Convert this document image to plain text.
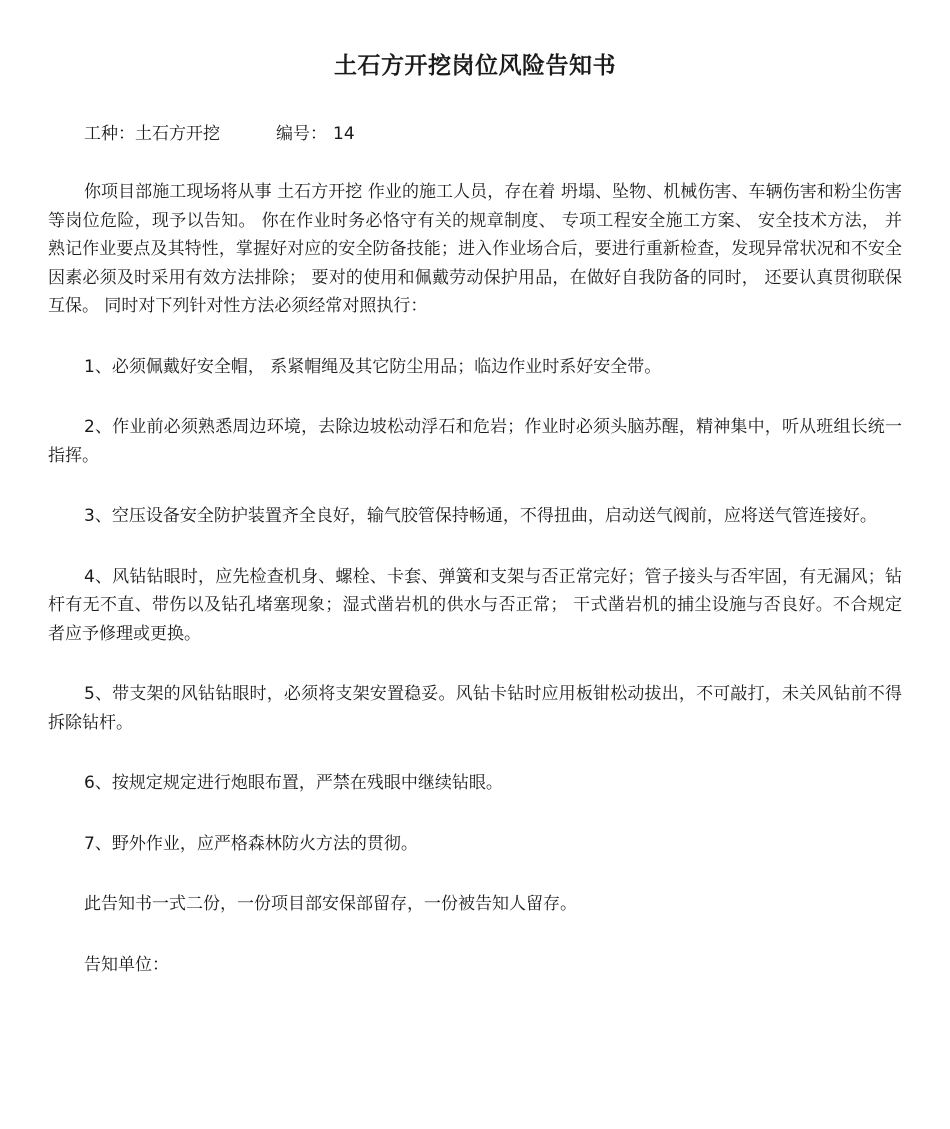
土石方开挖岗位风险告知书
工种：土石方开挖	编号： 14

你项目部施工现场将从事 土石方开挖 作业的施工人员，存在着 坍塌、坠物、机械伤害、车辆伤害和粉尘伤害 等岗位危险，现予以告知。 你在作业时务必恪守有关的规章制度、 专项工程安全施工方案、 安全技术方法， 并熟记作业要点及其特性，掌握好对应的安全防备技能；进入作业场合后，要进行重新检查，发现异常状况和不安全因素必须及时采用有效方法排除； 要对的使用和佩戴劳动保护用品，在做好自我防备的同时， 还要认真贯彻联保互保。 同时对下列针对性方法必须经常对照执行：

1、必须佩戴好安全帽， 系紧帽绳及其它防尘用品；临边作业时系好安全带。

2、作业前必须熟悉周边环境，去除边坡松动浮石和危岩；作业时必须头脑苏醒，精神集中，听从班组长统一指挥。

3、空压设备安全防护装置齐全良好，输气胶管保持畅通，不得扭曲，启动送气阀前，应将送气管连接好。

4、风钻钻眼时，应先检查机身、螺栓、卡套、弹簧和支架与否正常完好；管子接头与否牢固，有无漏风；钻杆有无不直、带伤以及钻孔堵塞现象；湿式凿岩机的供水与否正常； 干式凿岩机的捕尘设施与否良好。不合规定者应予修理或更换。

5、带支架的风钻钻眼时，必须将支架安置稳妥。风钻卡钻时应用板钳松动拔出，不可敲打，未关风钻前不得拆除钻杆。

6、按规定规定进行炮眼布置，严禁在残眼中继续钻眼。

7、野外作业，应严格森林防火方法的贯彻。

此告知书一式二份，一份项目部安保部留存，一份被告知人留存。

告知单位：
